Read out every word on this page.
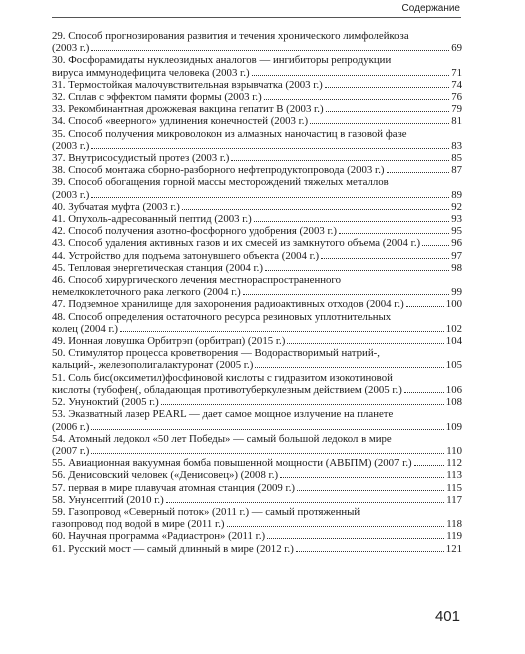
Содержание
29. Способ прогнозирования развития и течения хронического лимфолейкоза
(2003 г.)	69
30. Фосфорамидаты нуклеозидных аналогов — ингибиторы репродукции
вируса иммунодефицита человека (2003 г.)	71
31. Термостойкая малочувствительная взрывчатка (2003 г.)	74
32. Сплав с эффектом памяти формы (2003 г.)	76
33. Рекомбинантная дрожжевая вакцина гепатит В (2003 г.)	79
34. Способ «веерного» удлинения конечностей (2003 г.)	81
35. Способ получения микроволокон из алмазных наночастиц в газовой фазе
(2003 г.)	83
37. Внутрисосудистый протез (2003 г.)	85
38. Способ монтажа сборно-разборного нефтепродуктопровода (2003 г.)	87
39. Способ обогащения горной массы месторождений тяжелых металлов
(2003 г.)	89
40. Зубчатая муфта (2003 г.)	92
41. Опухоль-адресованный пептид (2003 г.)	93
42. Способ получения азотно-фосфорного удобрения (2003 г.)	95
43. Способ удаления активных газов и их смесей из замкнутого объема (2004 г.)	96
44. Устройство для подъема затонувшего объекта (2004 г.)	97
45. Тепловая энергетическая станция (2004 г.)	98
46. Способ хирургического лечения местнораспространенного
немелкоклеточного рака легкого (2004 г.)	99
47. Подземное хранилище для захоронения радиоактивных отходов (2004 г.)	100
48. Способ определения остаточного ресурса резиновых уплотнительных
колец (2004 г.)	102
49. Ионная ловушка Орбитрэп (орбитрап) (2015 г.)	104
50. Стимулятор процесса кроветворения — Водорастворимый натрий-,
кальций-, железополигалактуронат (2005 г.)	105
51. Соль бис(оксиметил)фосфиновой кислоты с гидразитом изокотиновой
кислоты (тубофен(, обладающая противотуберкулезным действием (2005 г.)	106
52. Унуноктий (2005 г.)	108
53. Эказватный лазер PEARL — дает самое мощное излучение на планете
(2006 г.)	109
54. Атомный ледокол «50 лет Победы» — самый большой ледокол в мире
(2007 г.)	110
55. Авиационная вакуумная бомба повышенной мощности (АВБПМ) (2007 г.)	112
56. Денисовский человек («Денисовец») (2008 г.)	113
57. первая в мире плавучая атомная станция (2009 г.)	115
58. Унунсептий (2010 г.)	117
59. Газопровод «Северный поток» (2011 г.) — самый протяженный
газопровод под водой в мире (2011 г.)	118
60. Научная программа «Радиастрон» (2011 г.)	119
61. Русский мост — самый длинный в мире (2012 г.)	121
401
